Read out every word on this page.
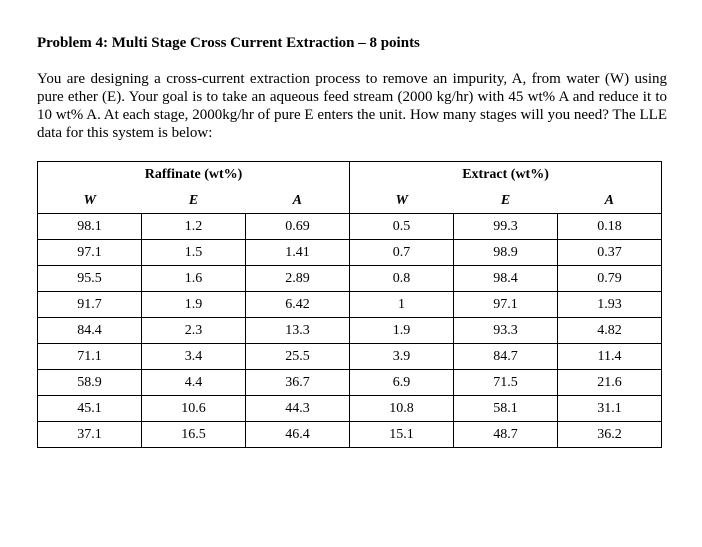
Problem 4: Multi Stage Cross Current Extraction – 8 points
You are designing a cross-current extraction process to remove an impurity, A, from water (W) using pure ether (E). Your goal is to take an aqueous feed stream (2000 kg/hr) with 45 wt% A and reduce it to 10 wt% A. At each stage, 2000kg/hr of pure E enters the unit. How many stages will you need? The LLE data for this system is below:
Raffinate (wt%)			Extract (wt%)		
W	E	A	W	E	A
98.1	1.2	0.69	0.5	99.3	0.18
97.1	1.5	1.41	0.7	98.9	0.37
95.5	1.6	2.89	0.8	98.4	0.79
91.7	1.9	6.42	1	97.1	1.93
84.4	2.3	13.3	1.9	93.3	4.82
71.1	3.4	25.5	3.9	84.7	11.4
58.9	4.4	36.7	6.9	71.5	21.6
45.1	10.6	44.3	10.8	58.1	31.1
37.1	16.5	46.4	15.1	48.7	36.2
